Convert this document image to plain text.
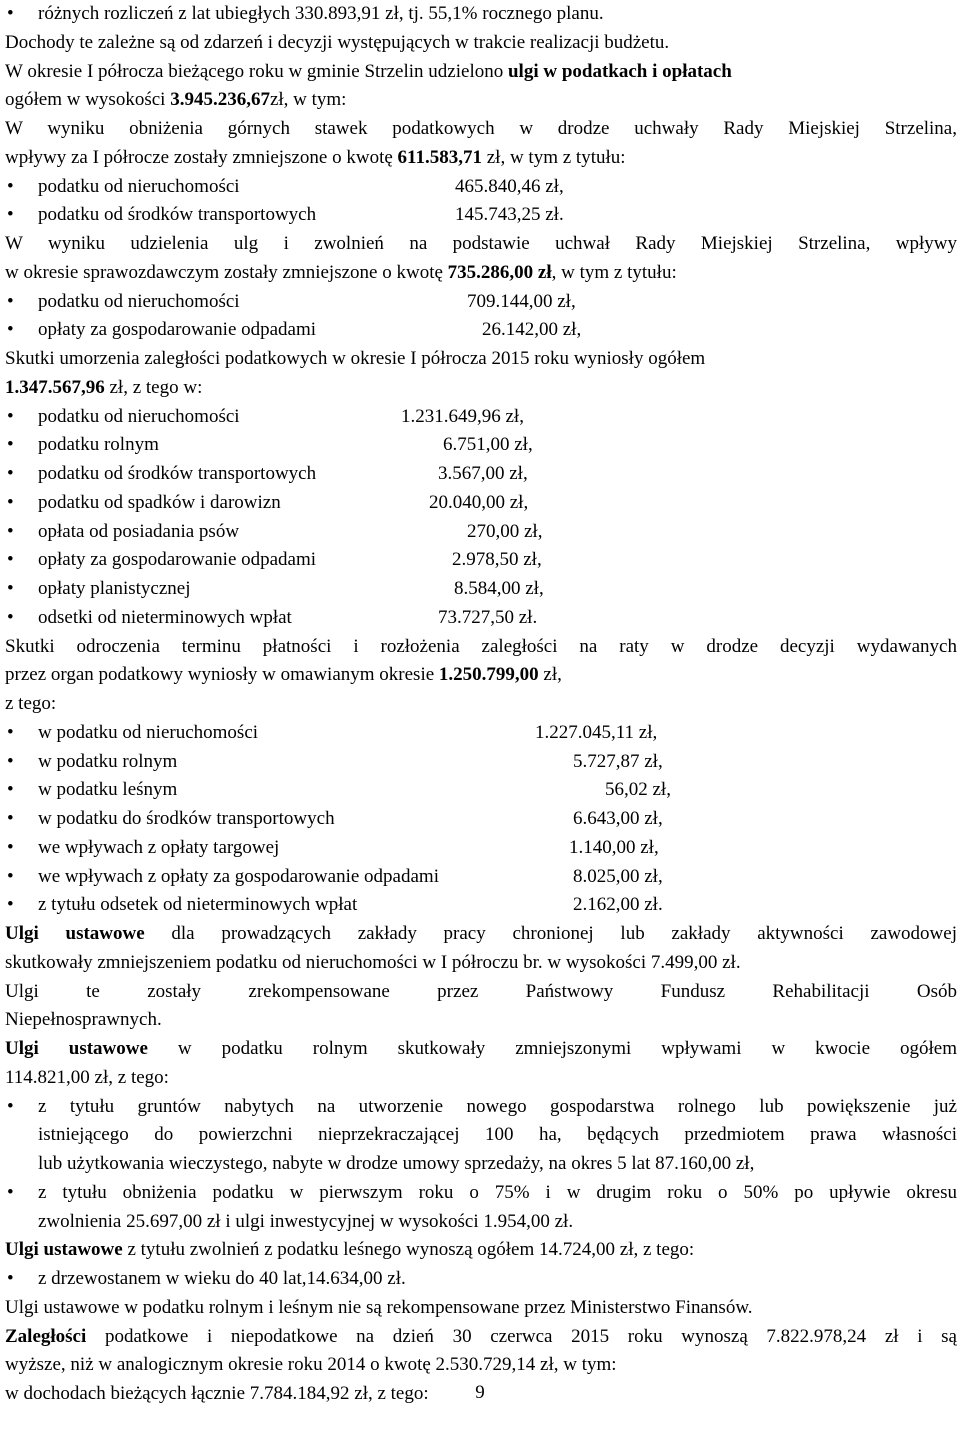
• różnych rozliczeń z lat ubiegłych 330.893,91 zł, tj. 55,1% rocznego planu.
Dochody te zależne są od zdarzeń i decyzji występujących w trakcie realizacji budżetu.
W okresie I półrocza bieżącego roku w gminie Strzelin udzielono ulgi w podatkach i opłatach
ogółem w wysokości 3.945.236,67zł, w tym:
W wyniku obniżenia górnych stawek podatkowych w drodze uchwały Rady Miejskiej Strzelina,
wpływy za I półrocze zostały zmniejszone o kwotę 611.583,71 zł, w tym z tytułu:
• podatku od nieruchomości	465.840,46 zł,
• podatku od środków transportowych	145.743,25 zł.
W wyniku udzielenia ulg i zwolnień na podstawie uchwał Rady Miejskiej Strzelina, wpływy
w okresie sprawozdawczym zostały zmniejszone o kwotę 735.286,00 zł, w tym z tytułu:
• podatku od nieruchomości	709.144,00 zł,
• opłaty za gospodarowanie odpadami	26.142,00 zł,
Skutki umorzenia zaległości podatkowych w okresie I półrocza 2015 roku wyniosły ogółem
1.347.567,96 zł, z tego w:
• podatku od nieruchomości	1.231.649,96 zł,
• podatku rolnym	6.751,00 zł,
• podatku od środków transportowych	3.567,00 zł,
• podatku od spadków i darowizn	20.040,00 zł,
• opłata od posiadania psów	270,00 zł,
• opłaty za gospodarowanie odpadami	2.978,50 zł,
• opłaty planistycznej	8.584,00 zł,
• odsetki od nieterminowych wpłat	73.727,50 zł.
Skutki odroczenia terminu płatności i rozłożenia zaległości na raty w drodze decyzji wydawanych
przez organ podatkowy wyniosły w omawianym okresie 1.250.799,00 zł,
z tego:
• w podatku od nieruchomości	1.227.045,11 zł,
• w podatku rolnym	5.727,87 zł,
• w podatku leśnym	56,02 zł,
• w podatku do środków transportowych	6.643,00 zł,
• we wpływach z opłaty targowej	1.140,00 zł,
• we wpływach z opłaty za gospodarowanie odpadami	8.025,00 zł,
• z tytułu odsetek od nieterminowych wpłat	2.162,00 zł.
Ulgi ustawowe dla prowadzących zakłady pracy chronionej lub zakłady aktywności zawodowej
skutkowały zmniejszeniem podatku od nieruchomości w I półroczu br. w wysokości 7.499,00 zł.
Ulgi te zostały zrekompensowane przez Państwowy Fundusz Rehabilitacji Osób
Niepełnosprawnych.
Ulgi ustawowe w podatku rolnym skutkowały zmniejszonymi wpływami w kwocie ogółem
114.821,00 zł, z tego:
• z tytułu gruntów nabytych na utworzenie nowego gospodarstwa rolnego lub powiększenie już
istniejącego do powierzchni nieprzekraczającej 100 ha, będących przedmiotem prawa własności
lub użytkowania wieczystego, nabyte w drodze umowy sprzedaży, na okres 5 lat 87.160,00 zł,
• z tytułu obniżenia podatku w pierwszym roku o 75% i w drugim roku o 50% po upływie okresu
zwolnienia 25.697,00 zł i ulgi inwestycyjnej w wysokości 1.954,00 zł.
Ulgi ustawowe z tytułu zwolnień z podatku leśnego wynoszą ogółem 14.724,00 zł, z tego:
• z drzewostanem w wieku do 40 lat,14.634,00 zł.
Ulgi ustawowe w podatku rolnym i leśnym nie są rekompensowane przez Ministerstwo Finansów.
Zaległości podatkowe i niepodatkowe na dzień 30 czerwca 2015 roku wynoszą 7.822.978,24 zł i są
wyższe, niż w analogicznym okresie roku 2014 o kwotę 2.530.729,14 zł, w tym:
w dochodach bieżących łącznie 7.784.184,92 zł, z tego:	9
